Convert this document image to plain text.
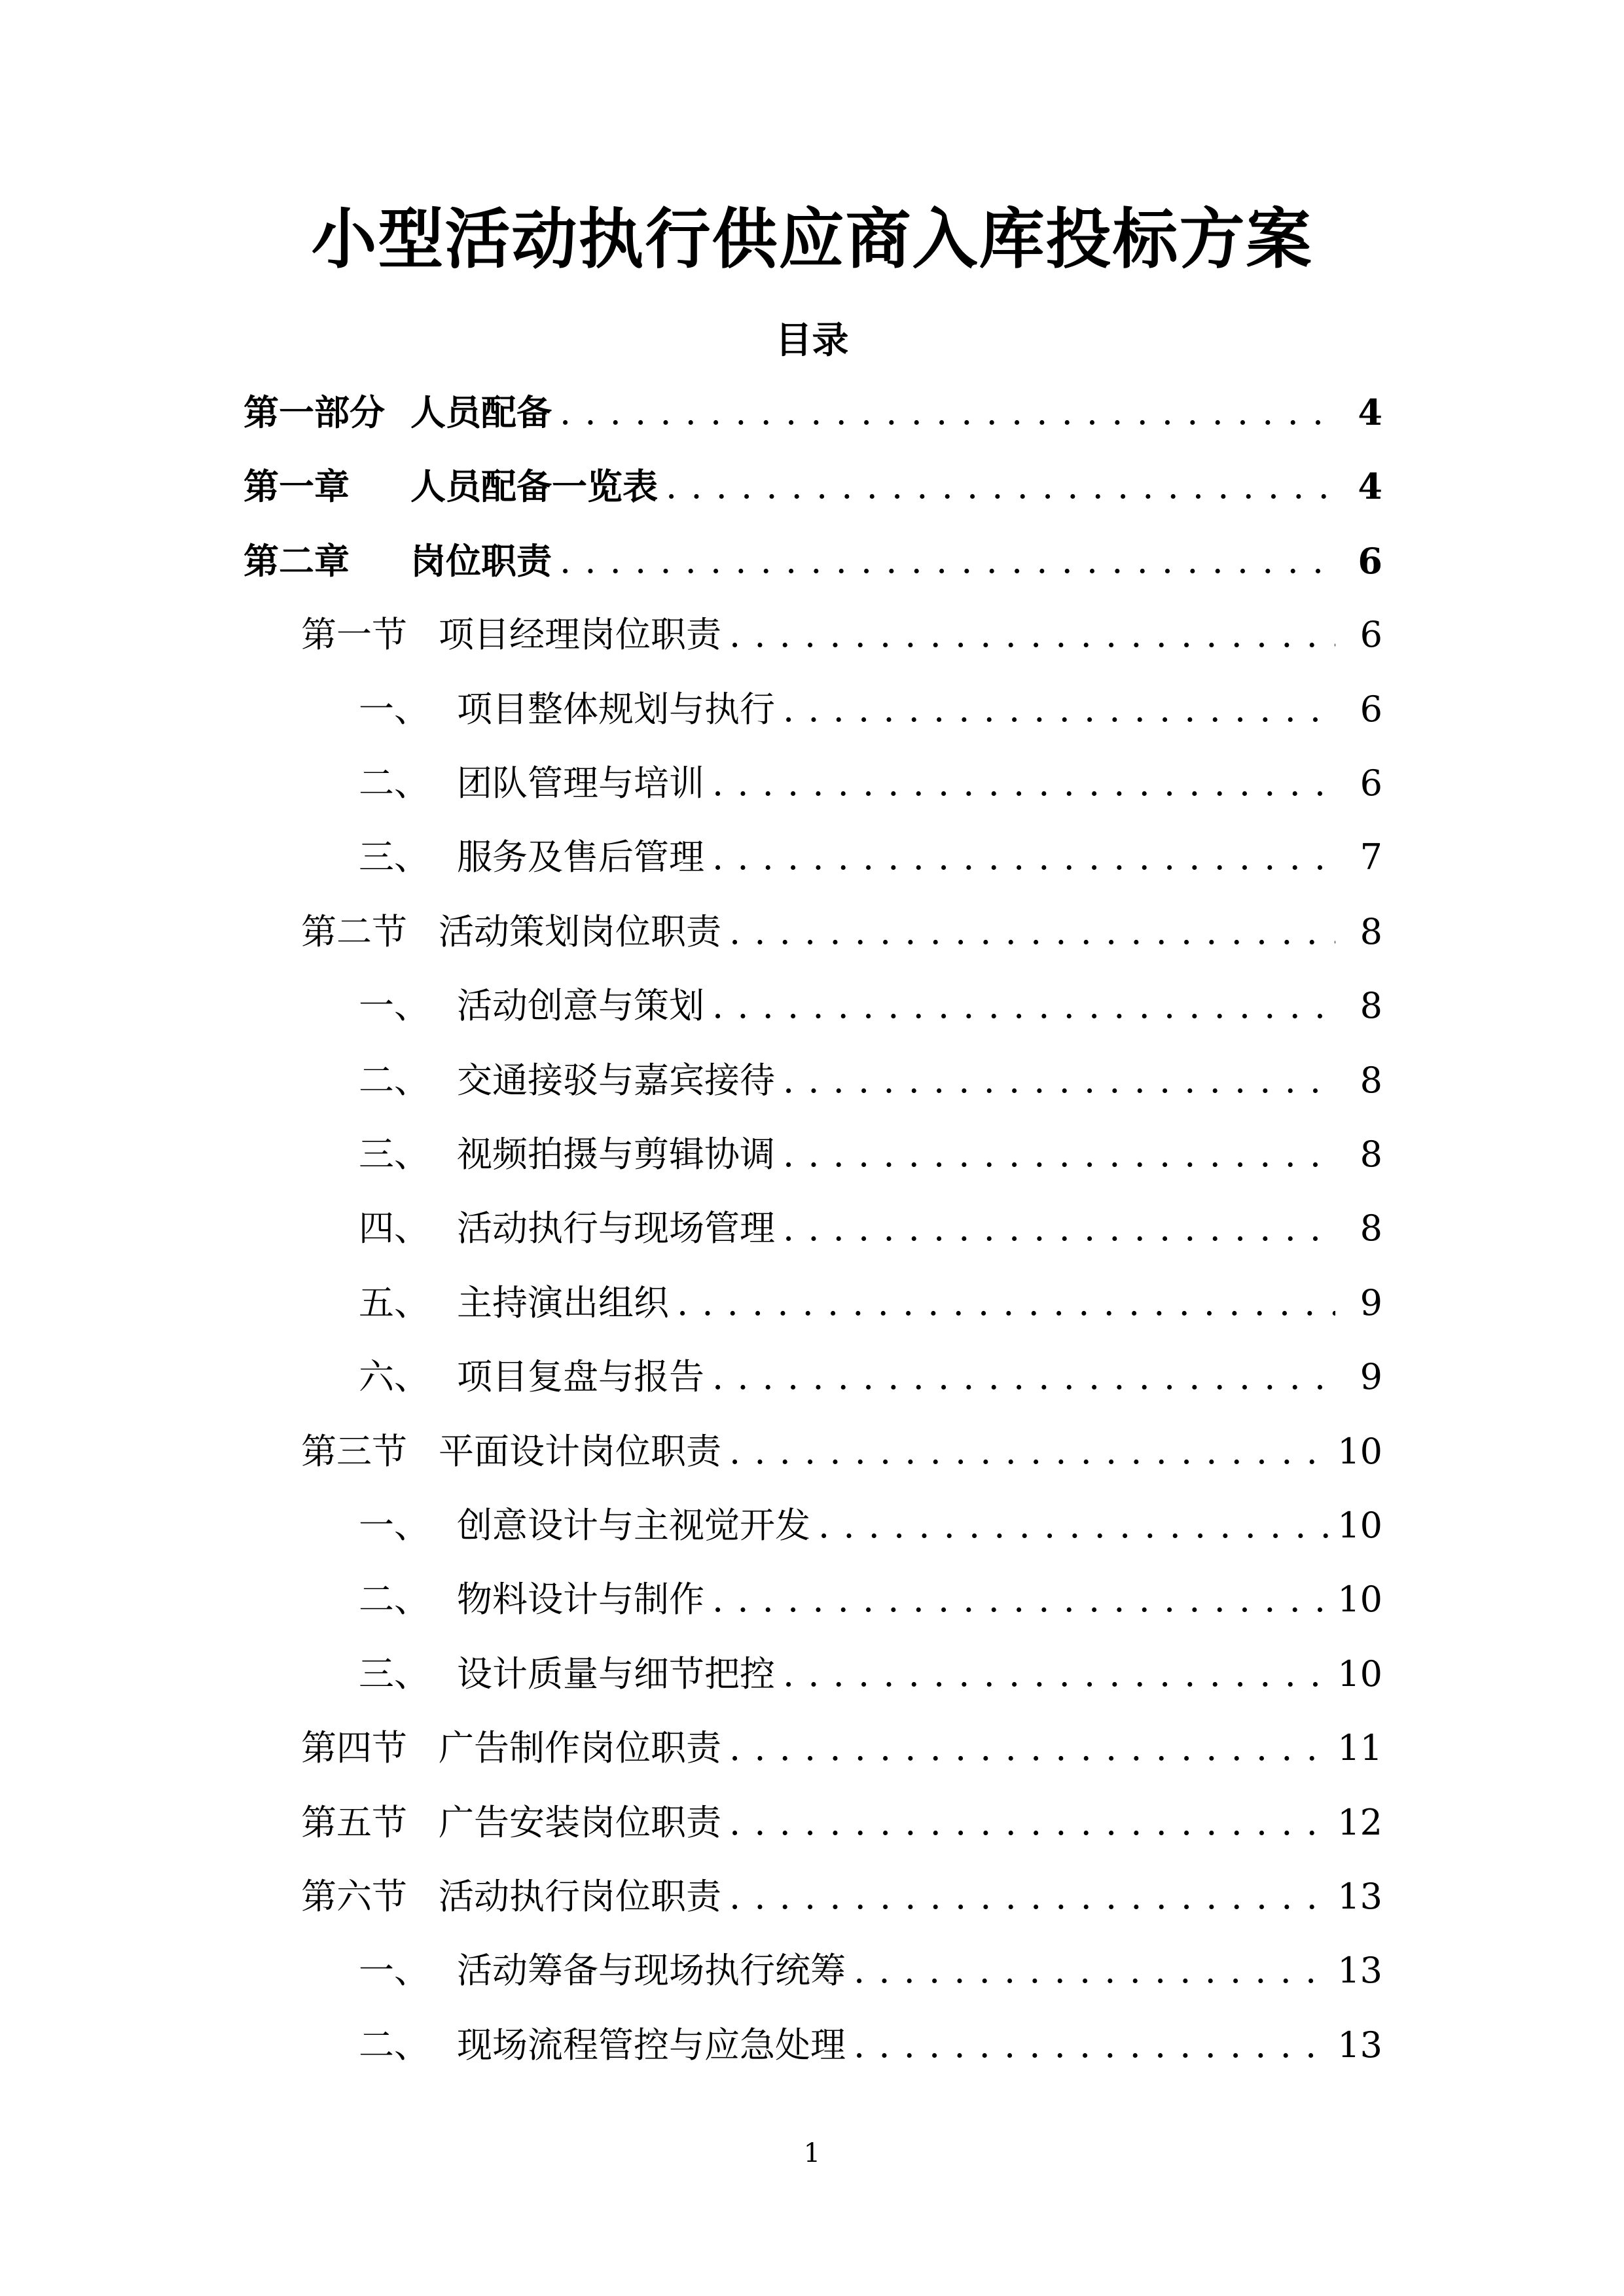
小型活动执行供应商入库投标方案
目录
第一部分 人员配备 . . .	4
第一章	人员配备一览表 . . .	4
第二章	岗位职责 . . .	6
第一节 项目经理岗位职责 . . .	6
一、 项目整体规划与执行 . . .	6
二、 团队管理与培训 . . .	6
三、 服务及售后管理 . . .	7
第二节 活动策划岗位职责 . . .	8
一、 活动创意与策划 . . .	8
二、 交通接驳与嘉宾接待 . . .	8
三、 视频拍摄与剪辑协调 . . .	8
四、 活动执行与现场管理 . . .	8
五、 主持演出组织 . . .	9
六、 项目复盘与报告 . . .	9
第三节 平面设计岗位职责 . . .	10
一、 创意设计与主视觉开发 . . .	10
二、 物料设计与制作 . . .	10
三、 设计质量与细节把控 . . .	10
第四节 广告制作岗位职责 . . .	11
第五节 广告安装岗位职责 . . .	12
第六节 活动执行岗位职责 . . .	13
一、 活动筹备与现场执行统筹 . . .	13
二、 现场流程管控与应急处理 . . .	13
1
